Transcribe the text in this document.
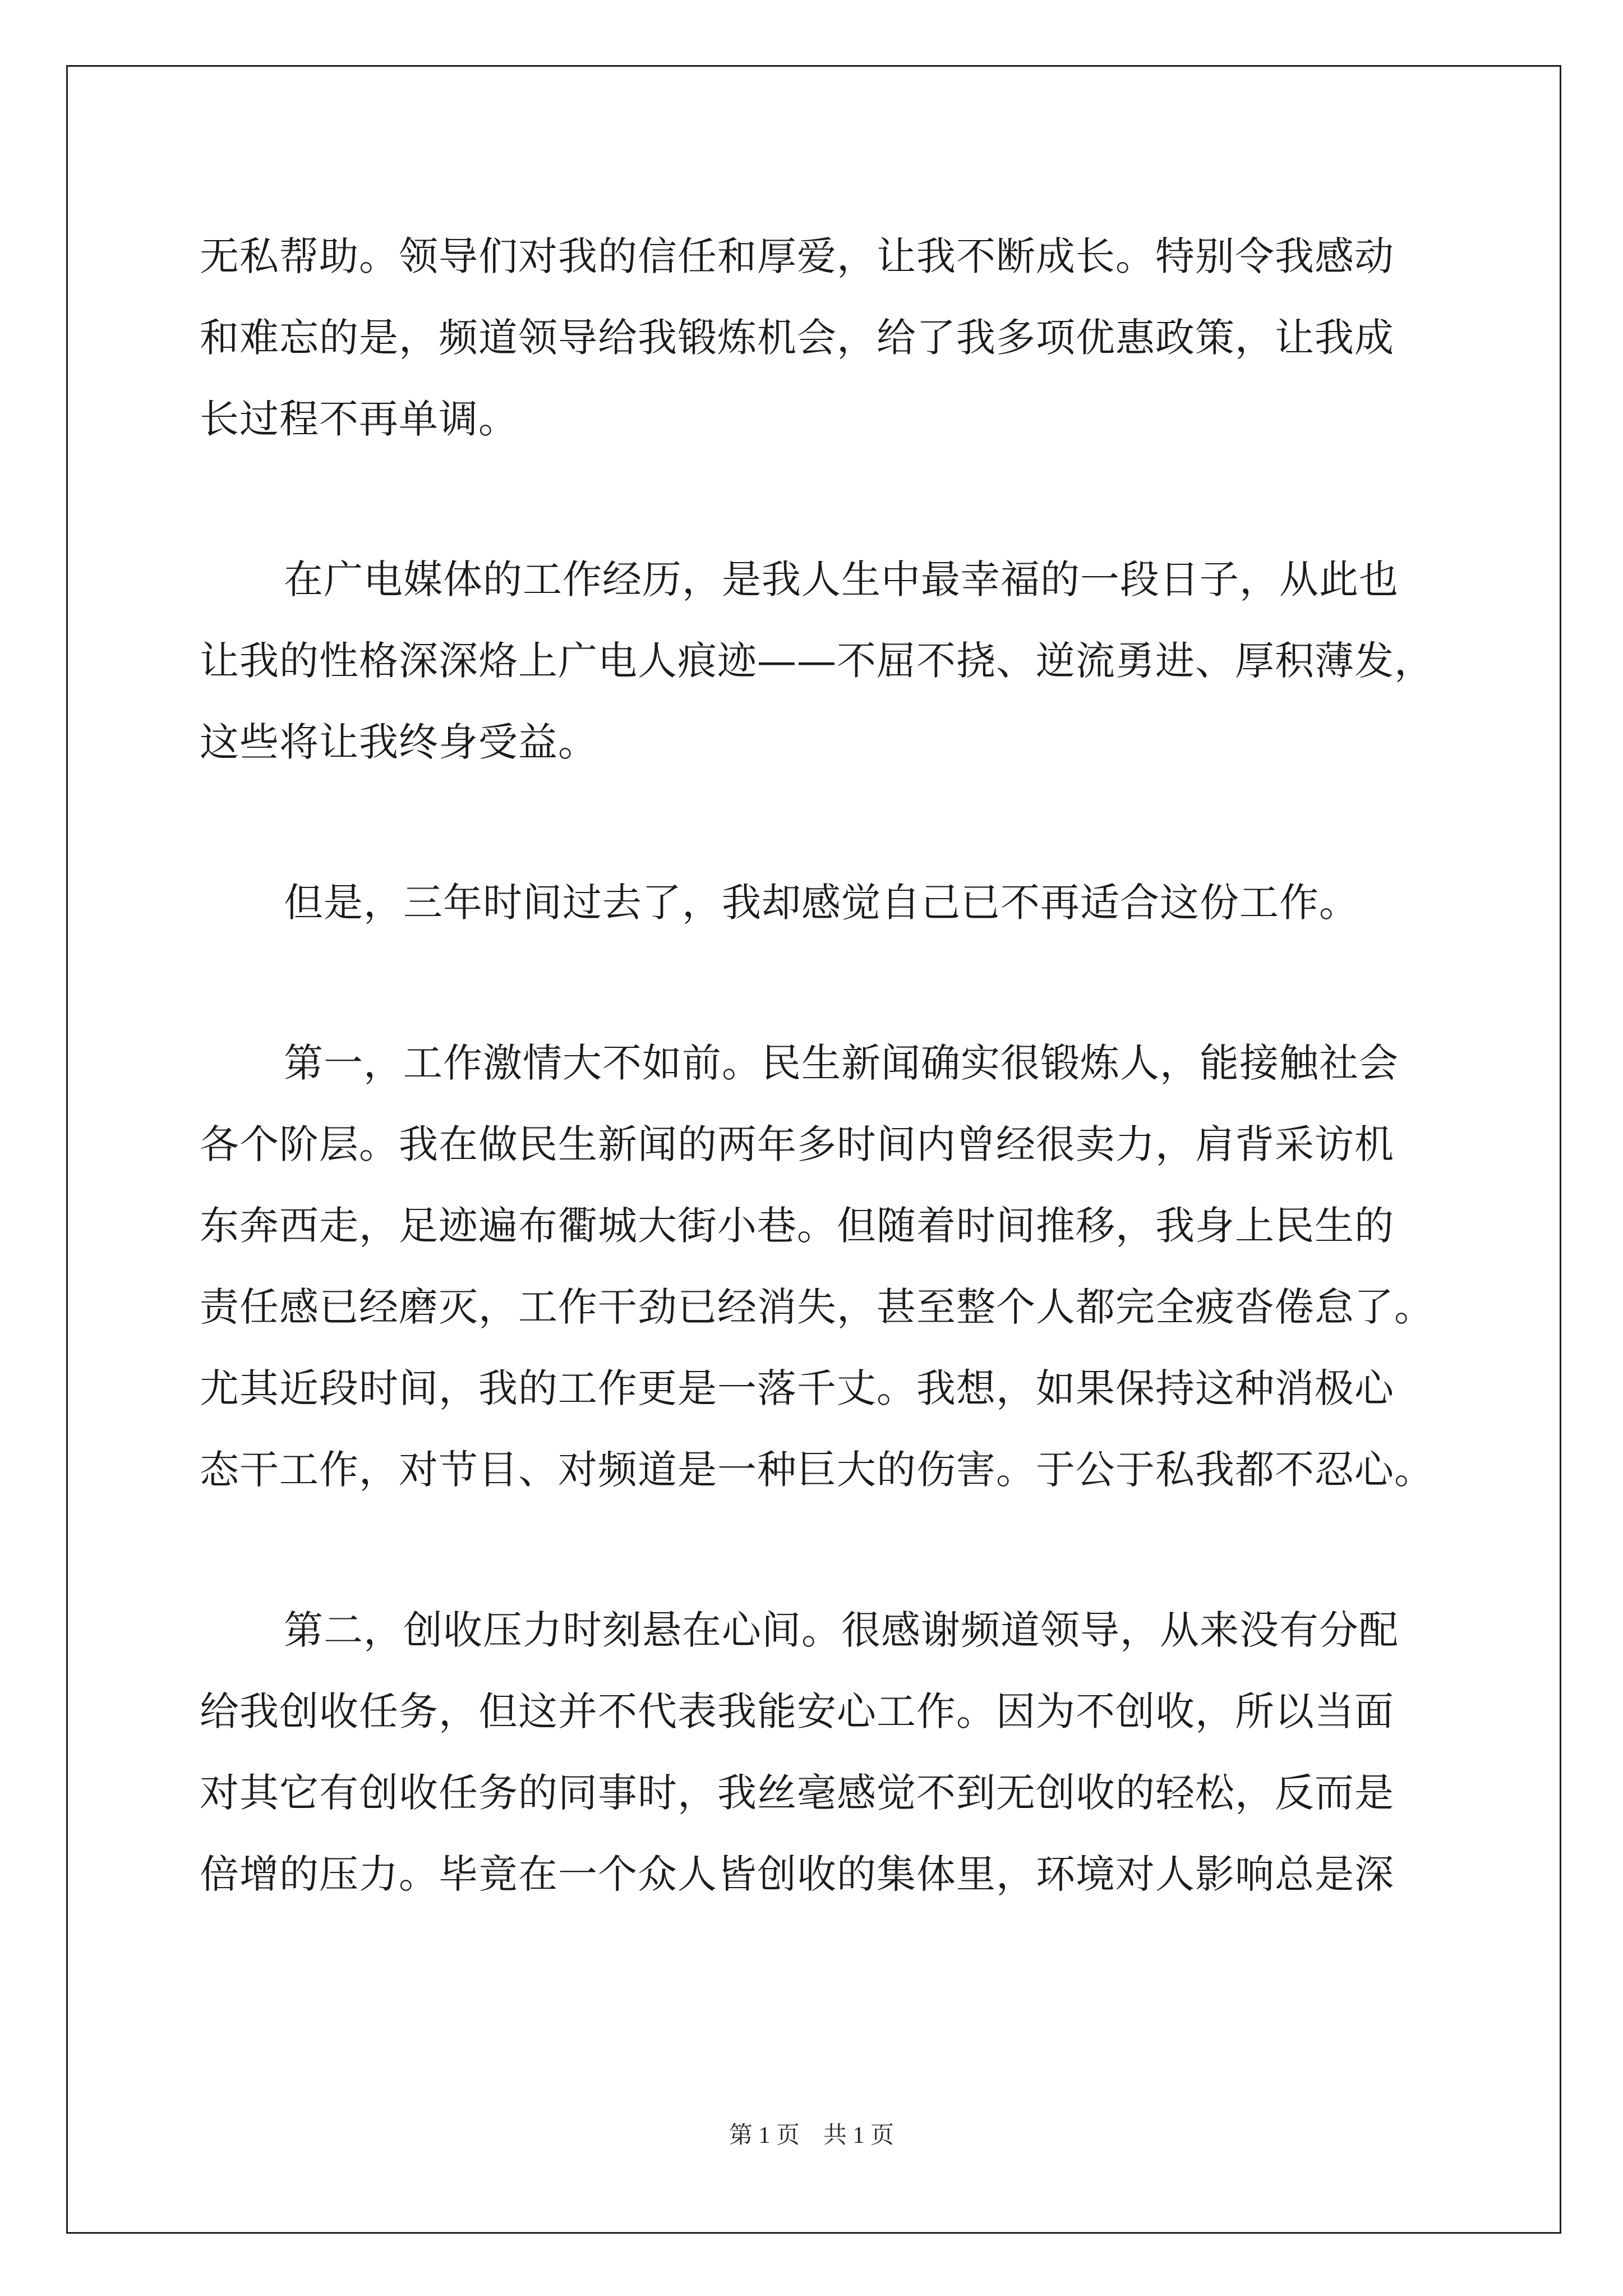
无私帮助。领导们对我的信任和厚爱，让我不断成长。特别令我感动
和难忘的是，频道领导给我锻炼机会，给了我多项优惠政策，让我成
长过程不再单调。
在广电媒体的工作经历，是我人生中最幸福的一段日子，从此也
让我的性格深深烙上广电人痕迹——不屈不挠、逆流勇进、厚积薄发，
这些将让我终身受益。
但是，三年时间过去了，我却感觉自己已不再适合这份工作。
第一，工作激情大不如前。民生新闻确实很锻炼人，能接触社会
各个阶层。我在做民生新闻的两年多时间内曾经很卖力，肩背采访机
东奔西走，足迹遍布衢城大街小巷。但随着时间推移，我身上民生的
责任感已经磨灭，工作干劲已经消失，甚至整个人都完全疲沓倦怠了。
尤其近段时间，我的工作更是一落千丈。我想，如果保持这种消极心
态干工作，对节目、对频道是一种巨大的伤害。于公于私我都不忍心。
第二，创收压力时刻悬在心间。很感谢频道领导，从来没有分配
给我创收任务，但这并不代表我能安心工作。因为不创收，所以当面
对其它有创收任务的同事时，我丝毫感觉不到无创收的轻松，反而是
倍增的压力。毕竟在一个众人皆创收的集体里，环境对人影响总是深
第 1 页　共 1 页
